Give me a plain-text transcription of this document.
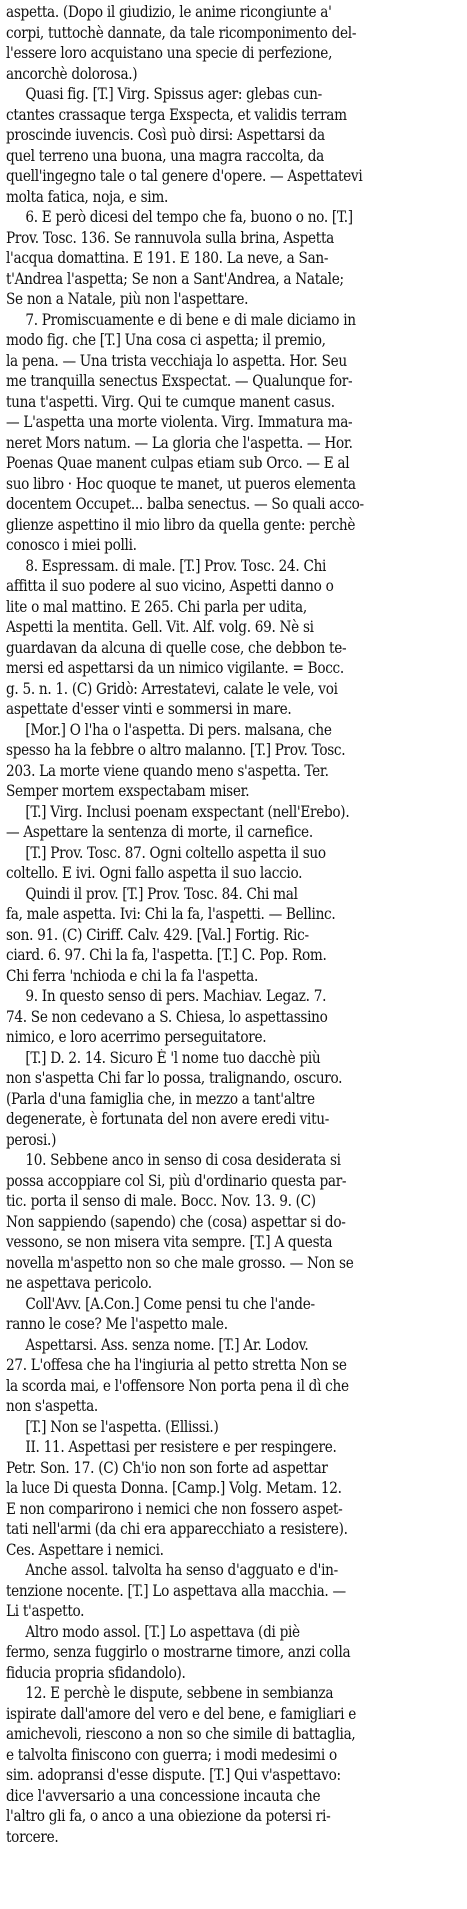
aspetta. (Dopo il giudizio, le anime ricongiunte a'
corpi, tuttochè dannate, da tale ricomponimento del-
l'essere loro acquistano una specie di perfezione,
ancorchè dolorosa.)
Quasi fig. [T.] Virg. Spissus ager: glebas cun-
ctantes crassaque terga Exspecta, et validis terram
proscinde iuvencis. Così può dirsi: Aspettarsi da
quel terreno una buona, una magra raccolta, da
quell'ingegno tale o tal genere d'opere. — Aspettatevi
molta fatica, noja, e sim.
6. E però dicesi del tempo che fa, buono o no. [T.]
Prov. Tosc. 136. Se rannuvola sulla brina, Aspetta
l'acqua domattina. E 191. E 180. La neve, a San-
t'Andrea l'aspetta; Se non a Sant'Andrea, a Natale;
Se non a Natale, più non l'aspettare.
7. Promiscuamente e di bene e di male diciamo in
modo fig. che [T.] Una cosa ci aspetta; il premio,
la pena. — Una trista vecchiaja lo aspetta. Hor. Seu
me tranquilla senectus Exspectat. — Qualunque for-
tuna t'aspetti. Virg. Qui te cumque manent casus.
— L'aspetta una morte violenta. Virg. Immatura ma-
neret Mors natum. — La gloria che l'aspetta. — Hor.
Poenas Quae manent culpas etiam sub Orco. — E al
suo libro · Hoc quoque te manet, ut pueros elementa
docentem Occupet... balba senectus. — So quali acco-
glienze aspettino il mio libro da quella gente: perchè
conosco i miei polli.
8. Espressam. di male. [T.] Prov. Tosc. 24. Chi
affitta il suo podere al suo vicino, Aspetti danno o
lite o mal mattino. E 265. Chi parla per udita,
Aspetti la mentita. Gell. Vit. Alf. volg. 69. Nè si
guardavan da alcuna di quelle cose, che debbon te-
mersi ed aspettarsi da un nimico vigilante. = Bocc.
g. 5. n. 1. (C) Gridò: Arrestatevi, calate le vele, voi
aspettate d'esser vinti e sommersi in mare.
[Mor.] O l'ha o l'aspetta. Di pers. malsana, che
spesso ha la febbre o altro malanno. [T.] Prov. Tosc.
203. La morte viene quando meno s'aspetta. Ter.
Semper mortem exspectabam miser.
[T.] Virg. Inclusi poenam exspectant (nell'Erebo).
— Aspettare la sentenza di morte, il carnefice.
[T.] Prov. Tosc. 87. Ogni coltello aspetta il suo
coltello. E ivi. Ogni fallo aspetta il suo laccio.
Quindi il prov. [T.] Prov. Tosc. 84. Chi mal
fa, male aspetta. Ivi: Chi la fa, l'aspetti. — Bellinc.
son. 91. (C) Ciriff. Calv. 429. [Val.] Fortig. Ric-
ciard. 6. 97. Chi la fa, l'aspetta. [T.] C. Pop. Rom.
Chi ferra 'nchioda e chi la fa l'aspetta.
9. In questo senso di pers. Machiav. Legaz. 7.
74. Se non cedevano a S. Chiesa, lo aspettassino
nimico, e loro acerrimo perseguitatore.
[T.] D. 2. 14. Sicuro È 'l nome tuo dacchè più
non s'aspetta Chi far lo possa, tralignando, oscuro.
(Parla d'una famiglia che, in mezzo a tant'altre
degenerate, è fortunata del non avere eredi vitu-
perosi.)
10. Sebbene anco in senso di cosa desiderata si
possa accoppiare col Si, più d'ordinario questa par-
tic. porta il senso di male. Bocc. Nov. 13. 9. (C)
Non sappiendo (sapendo) che (cosa) aspettar si do-
vessono, se non misera vita sempre. [T.] A questa
novella m'aspetto non so che male grosso. — Non se
ne aspettava pericolo.
Coll'Avv. [A.Con.] Come pensi tu che l'ande-
ranno le cose? Me l'aspetto male.
Aspettarsi. Ass. senza nome. [T.] Ar. Lodov.
27. L'offesa che ha l'ingiuria al petto stretta Non se
la scorda mai, e l'offensore Non porta pena il dì che
non s'aspetta.
[T.] Non se l'aspetta. (Ellissi.)
II. 11. Aspettasi per resistere e per respingere.
Petr. Son. 17. (C) Ch'io non son forte ad aspettar
la luce Di questa Donna. [Camp.] Volg. Metam. 12.
E non comparirono i nemici che non fossero aspet-
tati nell'armi (da chi era apparecchiato a resistere).
Ces. Aspettare i nemici.
Anche assol. talvolta ha senso d'agguato e d'in-
tenzione nocente. [T.] Lo aspettava alla macchia. —
Li t'aspetto.
Altro modo assol. [T.] Lo aspettava (di piè
fermo, senza fuggirlo o mostrarne timore, anzi colla
fiducia propria sfidandolo).
12. E perchè le dispute, sebbene in sembianza
ispirate dall'amore del vero e del bene, e famigliari e
amichevoli, riescono a non so che simile di battaglia,
e talvolta finiscono con guerra; i modi medesimi o
sim. adopransi d'esse dispute. [T.] Qui v'aspettavo:
dice l'avversario a una concessione incauta che
l'altro gli fa, o anco a una obiezione da potersi ri-
torcere.
